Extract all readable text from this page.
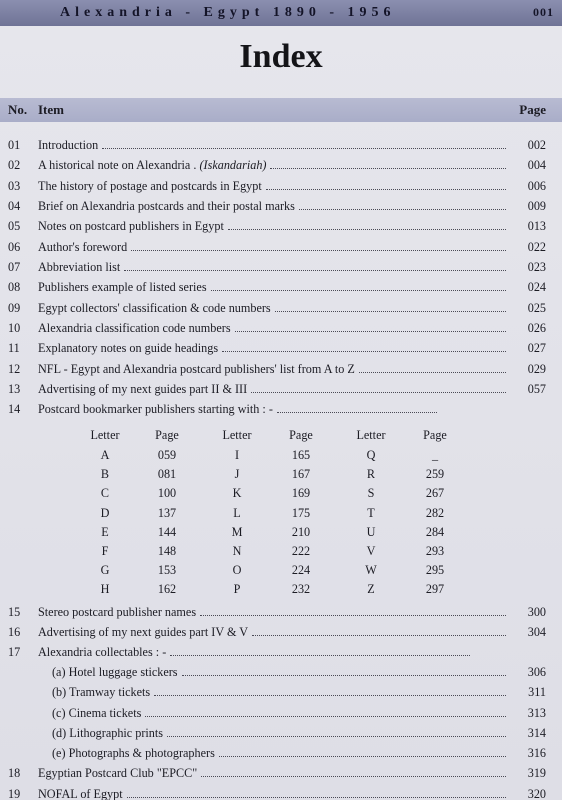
Alexandria - Egypt 1890 - 1956	001
Index
No. Item	Page
01 Introduction	002
02 A historical note on Alexandria . (Iskandariah)	004
03 The history of postage and postcards in Egypt	006
04 Brief on Alexandria postcards and their postal marks	009
05 Notes on postcard publishers in Egypt	013
06 Author's foreword	022
07 Abbreviation list	023
08 Publishers example of listed series	024
09 Egypt collectors' classification & code numbers	025
10 Alexandria classification code numbers	026
11 Explanatory notes on guide headings	027
12 NFL - Egypt and Alexandria postcard publishers' list from A to Z	029
13 Advertising of my next guides part II & III	057
14 Postcard bookmarker publishers starting with : -
Letter	Page	Letter	Page	Letter	Page
A	059	I	165	Q	_
B	081	J	167	R	259
C	100	K	169	S	267
D	137	L	175	T	282
E	144	M	210	U	284
F	148	N	222	V	293
G	153	O	224	W	295
H	162	P	232	Z	297
15 Stereo postcard publisher names	300
16 Advertising of my next guides part IV & V	304
17 Alexandria collectables : -
(a) Hotel luggage stickers	306
(b) Tramway tickets	311
(c) Cinema tickets	313
(d) Lithographic prints	314
(e) Photographs & photographers	316
18 Egyptian Postcard Club "EPCC"	319
19 NOFAL of Egypt	320
